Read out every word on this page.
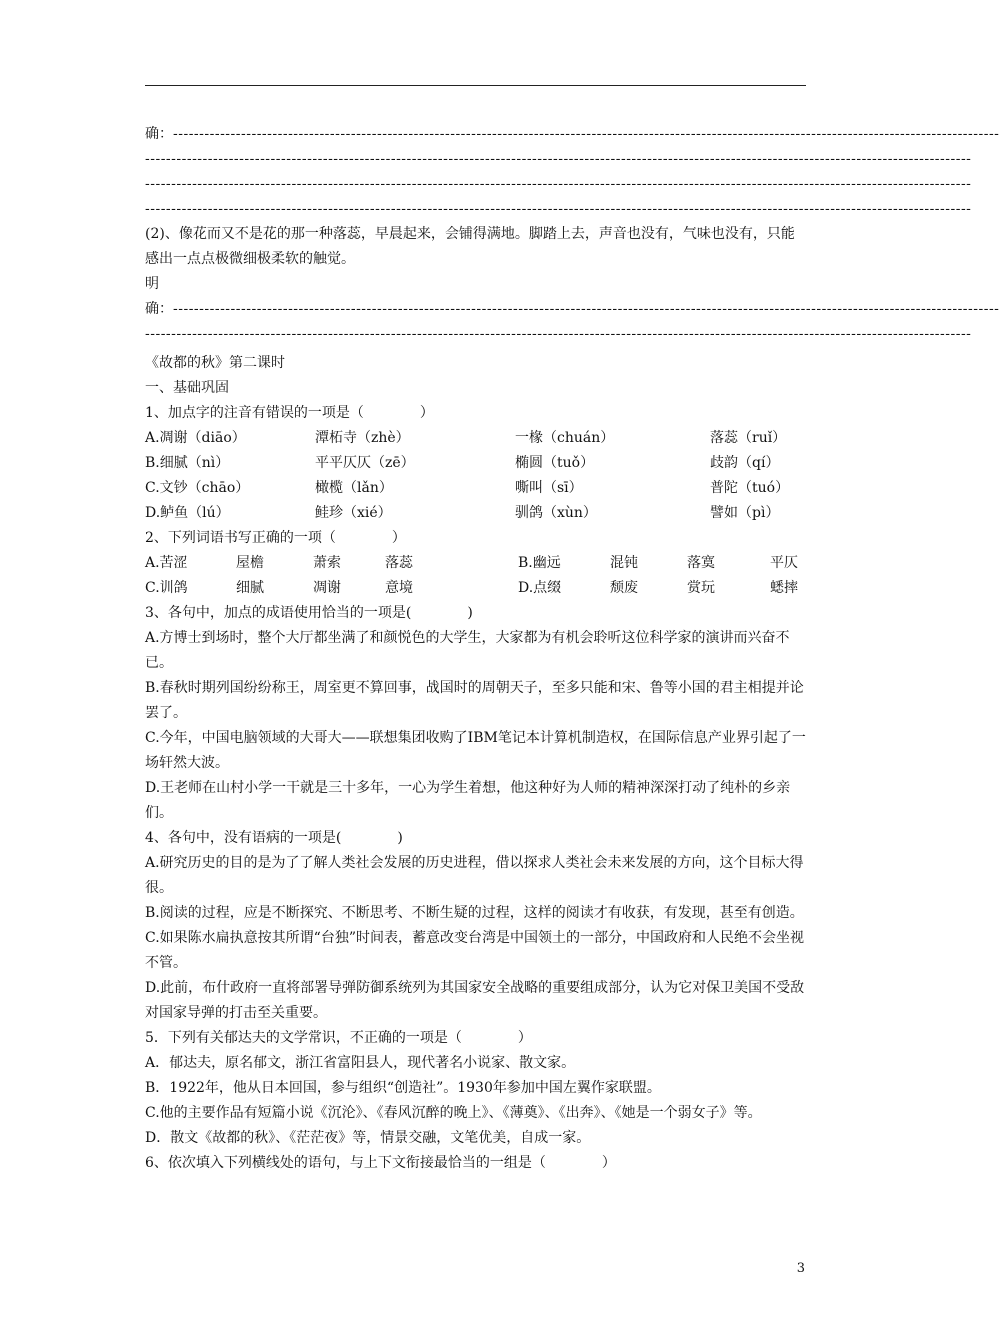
确：--------------------------------------------------------------------------------------------------------------------------------------------------------------
--------------------------------------------------------------------------------------------------------------------------------------------------------------
--------------------------------------------------------------------------------------------------------------------------------------------------------------
--------------------------------------------------------------------------------------------------------------------------------------------------------------
(2)、像花而又不是花的那一种落蕊，早晨起来，会铺得满地。脚踏上去，声音也没有，气味也没有，只能感出一点点极微细极柔软的触觉。
明
确：--------------------------------------------------------------------------------------------------------------------------------------------------------------
--------------------------------------------------------------------------------------------------------------------------------------------------------------
《故都的秋》第二课时
一、基础巩固
1、加点字的注音有错误的一项是（　　　　）
A.凋谢（diāo）	潭柘寺（zhè）	一椽（chuán）	落蕊（ruǐ）
B.细腻（nì）	平平仄仄（zē）	椭圆（tuǒ）	歧韵（qí）
C.文钞（chāo）	橄榄（lǎn）	嘶叫（sī）	普陀（tuó）
D.鲈鱼（lú）	鲑珍（xié）	驯鸽（xùn）	譬如（pì）
2、下列词语书写正确的一项（　　　　）
A.苦涩	屋檐	萧索	落蕊	B.幽远	混钝	落寞	平仄
C.训鸽	细腻	凋谢	意境	D.点缀	颓废	赏玩	蟋摔
3、各句中，加点的成语使用恰当的一项是(　　　　)
A.方博士到场时，整个大厅都坐满了和颜悦色的大学生，大家都为有机会聆听这位科学家的演讲而兴奋不已。
B.春秋时期列国纷纷称王，周室更不算回事，战国时的周朝天子，至多只能和宋、鲁等小国的君主相提并论罢了。
C.今年，中国电脑领域的大哥大——联想集团收购了IBM笔记本计算机制造权，在国际信息产业界引起了一场轩然大波。
D.王老师在山村小学一干就是三十多年，一心为学生着想，他这种好为人师的精神深深打动了纯朴的乡亲们。
4、各句中，没有语病的一项是(　　　　)
A.研究历史的目的是为了了解人类社会发展的历史进程，借以探求人类社会未来发展的方向，这个目标大得很。
B.阅读的过程，应是不断探究、不断思考、不断生疑的过程，这样的阅读才有收获，有发现，甚至有创造。
C.如果陈水扁执意按其所谓“台独”时间表，蓄意改变台湾是中国领土的一部分，中国政府和人民绝不会坐视不管。
D.此前，布什政府一直将部署导弹防御系统列为其国家安全战略的重要组成部分，认为它对保卫美国不受敌对国家导弹的打击至关重要。
5．下列有关郁达夫的文学常识，不正确的一项是（　　　　）
A．郁达夫，原名郁文，浙江省富阳县人，现代著名小说家、散文家。
B．1922年，他从日本回国，参与组织“创造社”。1930年参加中国左翼作家联盟。
C.他的主要作品有短篇小说《沉沦》、《春风沉醉的晚上》、《薄奠》、《出奔》、《她是一个弱女子》等。
D．散文《故都的秋》、《茫茫夜》等，情景交融，文笔优美，自成一家。
6、依次填入下列横线处的语句，与上下文衔接最恰当的一组是（　　　　）
3
